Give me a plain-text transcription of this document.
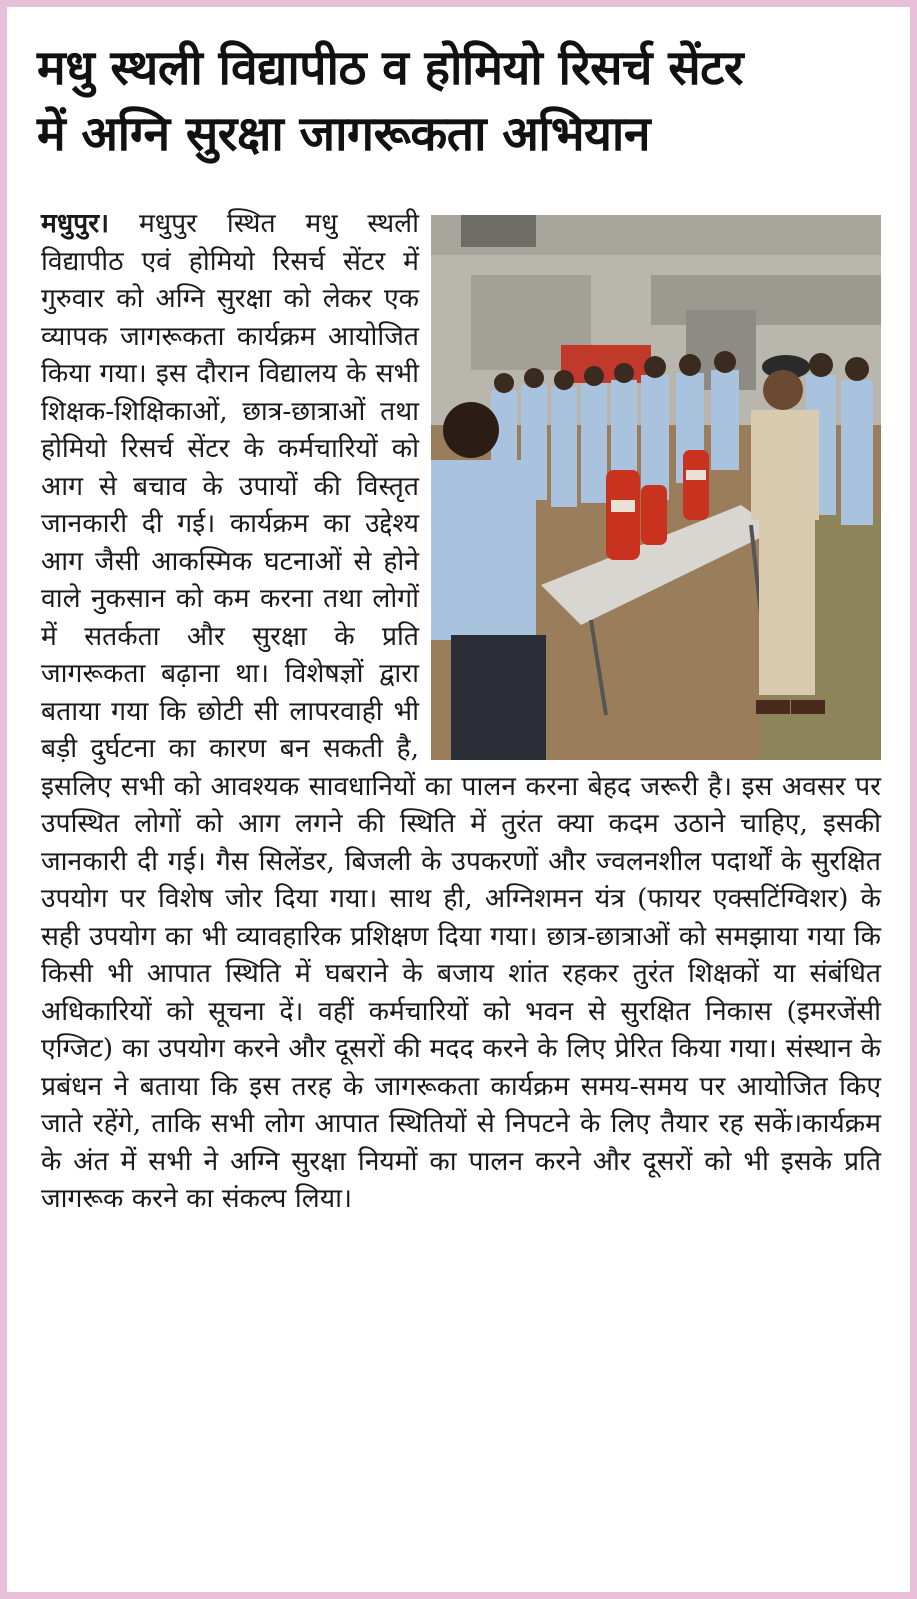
मधु स्थली विद्यापीठ व होमियो रिसर्च सेंटर
में अग्नि सुरक्षा जागरूकता अभियान

मधुपुर। मधुपुर स्थित मधु स्थली विद्यापीठ एवं होमियो रिसर्च सेंटर में गुरुवार को अग्नि सुरक्षा को लेकर एक व्यापक जागरूकता कार्यक्रम आयोजित किया गया। इस दौरान विद्यालय के सभी शिक्षक-शिक्षिकाओं, छात्र-छात्राओं तथा होमियो रिसर्च सेंटर के कर्मचारियों को आग से बचाव के उपायों की विस्तृत जानकारी दी गई। कार्यक्रम का उद्देश्य आग जैसी आकस्मिक घटनाओं से होने वाले नुकसान को कम करना तथा लोगों में सतर्कता और सुरक्षा के प्रति जागरूकता बढ़ाना था। विशेषज्ञों द्वारा बताया गया कि छोटी सी लापरवाही भी बड़ी दुर्घटना का कारण बन सकती है, इसलिए सभी को आवश्यक सावधानियों का पालन करना बेहद जरूरी है। इस अवसर पर उपस्थित लोगों को आग लगने की स्थिति में तुरंत क्या कदम उठाने चाहिए, इसकी जानकारी दी गई। गैस सिलेंडर, बिजली के उपकरणों और ज्वलनशील पदार्थों के सुरक्षित उपयोग पर विशेष जोर दिया गया। साथ ही, अग्निशमन यंत्र (फायर एक्सटिंग्विशर) के सही उपयोग का भी व्यावहारिक प्रशिक्षण दिया गया। छात्र-छात्राओं को समझाया गया कि किसी भी आपात स्थिति में घबराने के बजाय शांत रहकर तुरंत शिक्षकों या संबंधित अधिकारियों को सूचना दें। वहीं कर्मचारियों को भवन से सुरक्षित निकास (इमरजेंसी एग्जिट) का उपयोग करने और दूसरों की मदद करने के लिए प्रेरित किया गया। संस्थान के प्रबंधन ने बताया कि इस तरह के जागरूकता कार्यक्रम समय-समय पर आयोजित किए जाते रहेंगे, ताकि सभी लोग आपात स्थितियों से निपटने के लिए तैयार रह सकें।कार्यक्रम के अंत में सभी ने अग्नि सुरक्षा नियमों का पालन करने और दूसरों को भी इसके प्रति जागरूक करने का संकल्प लिया।
